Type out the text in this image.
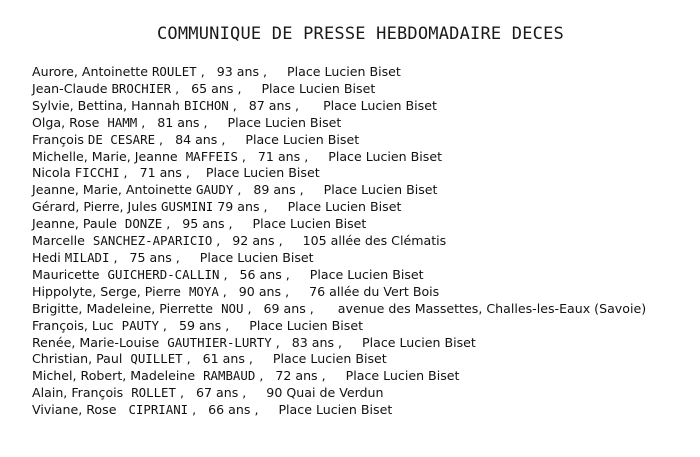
COMMUNIQUE DE PRESSE HEBDOMADAIRE DECES
Aurore, Antoinette ROULET ,   93 ans ,     Place Lucien Biset
Jean-Claude BROCHIER ,   65 ans ,     Place Lucien Biset
Sylvie, Bettina, Hannah BICHON ,   87 ans ,      Place Lucien Biset
Olga, Rose  HAMM ,   81 ans ,     Place Lucien Biset
François DE CESARE ,   84 ans ,     Place Lucien Biset
Michelle, Marie, Jeanne  MAFFEIS ,   71 ans ,     Place Lucien Biset
Nicola FICCHI ,   71 ans ,    Place Lucien Biset
Jeanne, Marie, Antoinette GAUDY ,   89 ans ,     Place Lucien Biset
Gérard, Pierre, Jules GUSMINI 79 ans ,     Place Lucien Biset
Jeanne, Paule  DONZE ,   95 ans ,     Place Lucien Biset
Marcelle  SANCHEZ-APARICIO ,   92 ans ,     105 allée des Clématis
Hedi MILADI ,   75 ans ,     Place Lucien Biset
Mauricette  GUICHERD-CALLIN ,   56 ans ,     Place Lucien Biset
Hippolyte, Serge, Pierre  MOYA ,   90 ans ,     76 allée du Vert Bois
Brigitte, Madeleine, Pierrette  NOU ,   69 ans ,      avenue des Massettes, Challes-les-Eaux (Savoie)
François, Luc  PAUTY ,   59 ans ,     Place Lucien Biset
Renée, Marie-Louise  GAUTHIER-LURTY ,   83 ans ,     Place Lucien Biset
Christian, Paul  QUILLET ,   61 ans ,     Place Lucien Biset
Michel, Robert, Madeleine  RAMBAUD ,   72 ans ,     Place Lucien Biset
Alain, François  ROLLET ,   67 ans ,     90 Quai de Verdun
Viviane, Rose   CIPRIANI ,   66 ans ,     Place Lucien Biset
